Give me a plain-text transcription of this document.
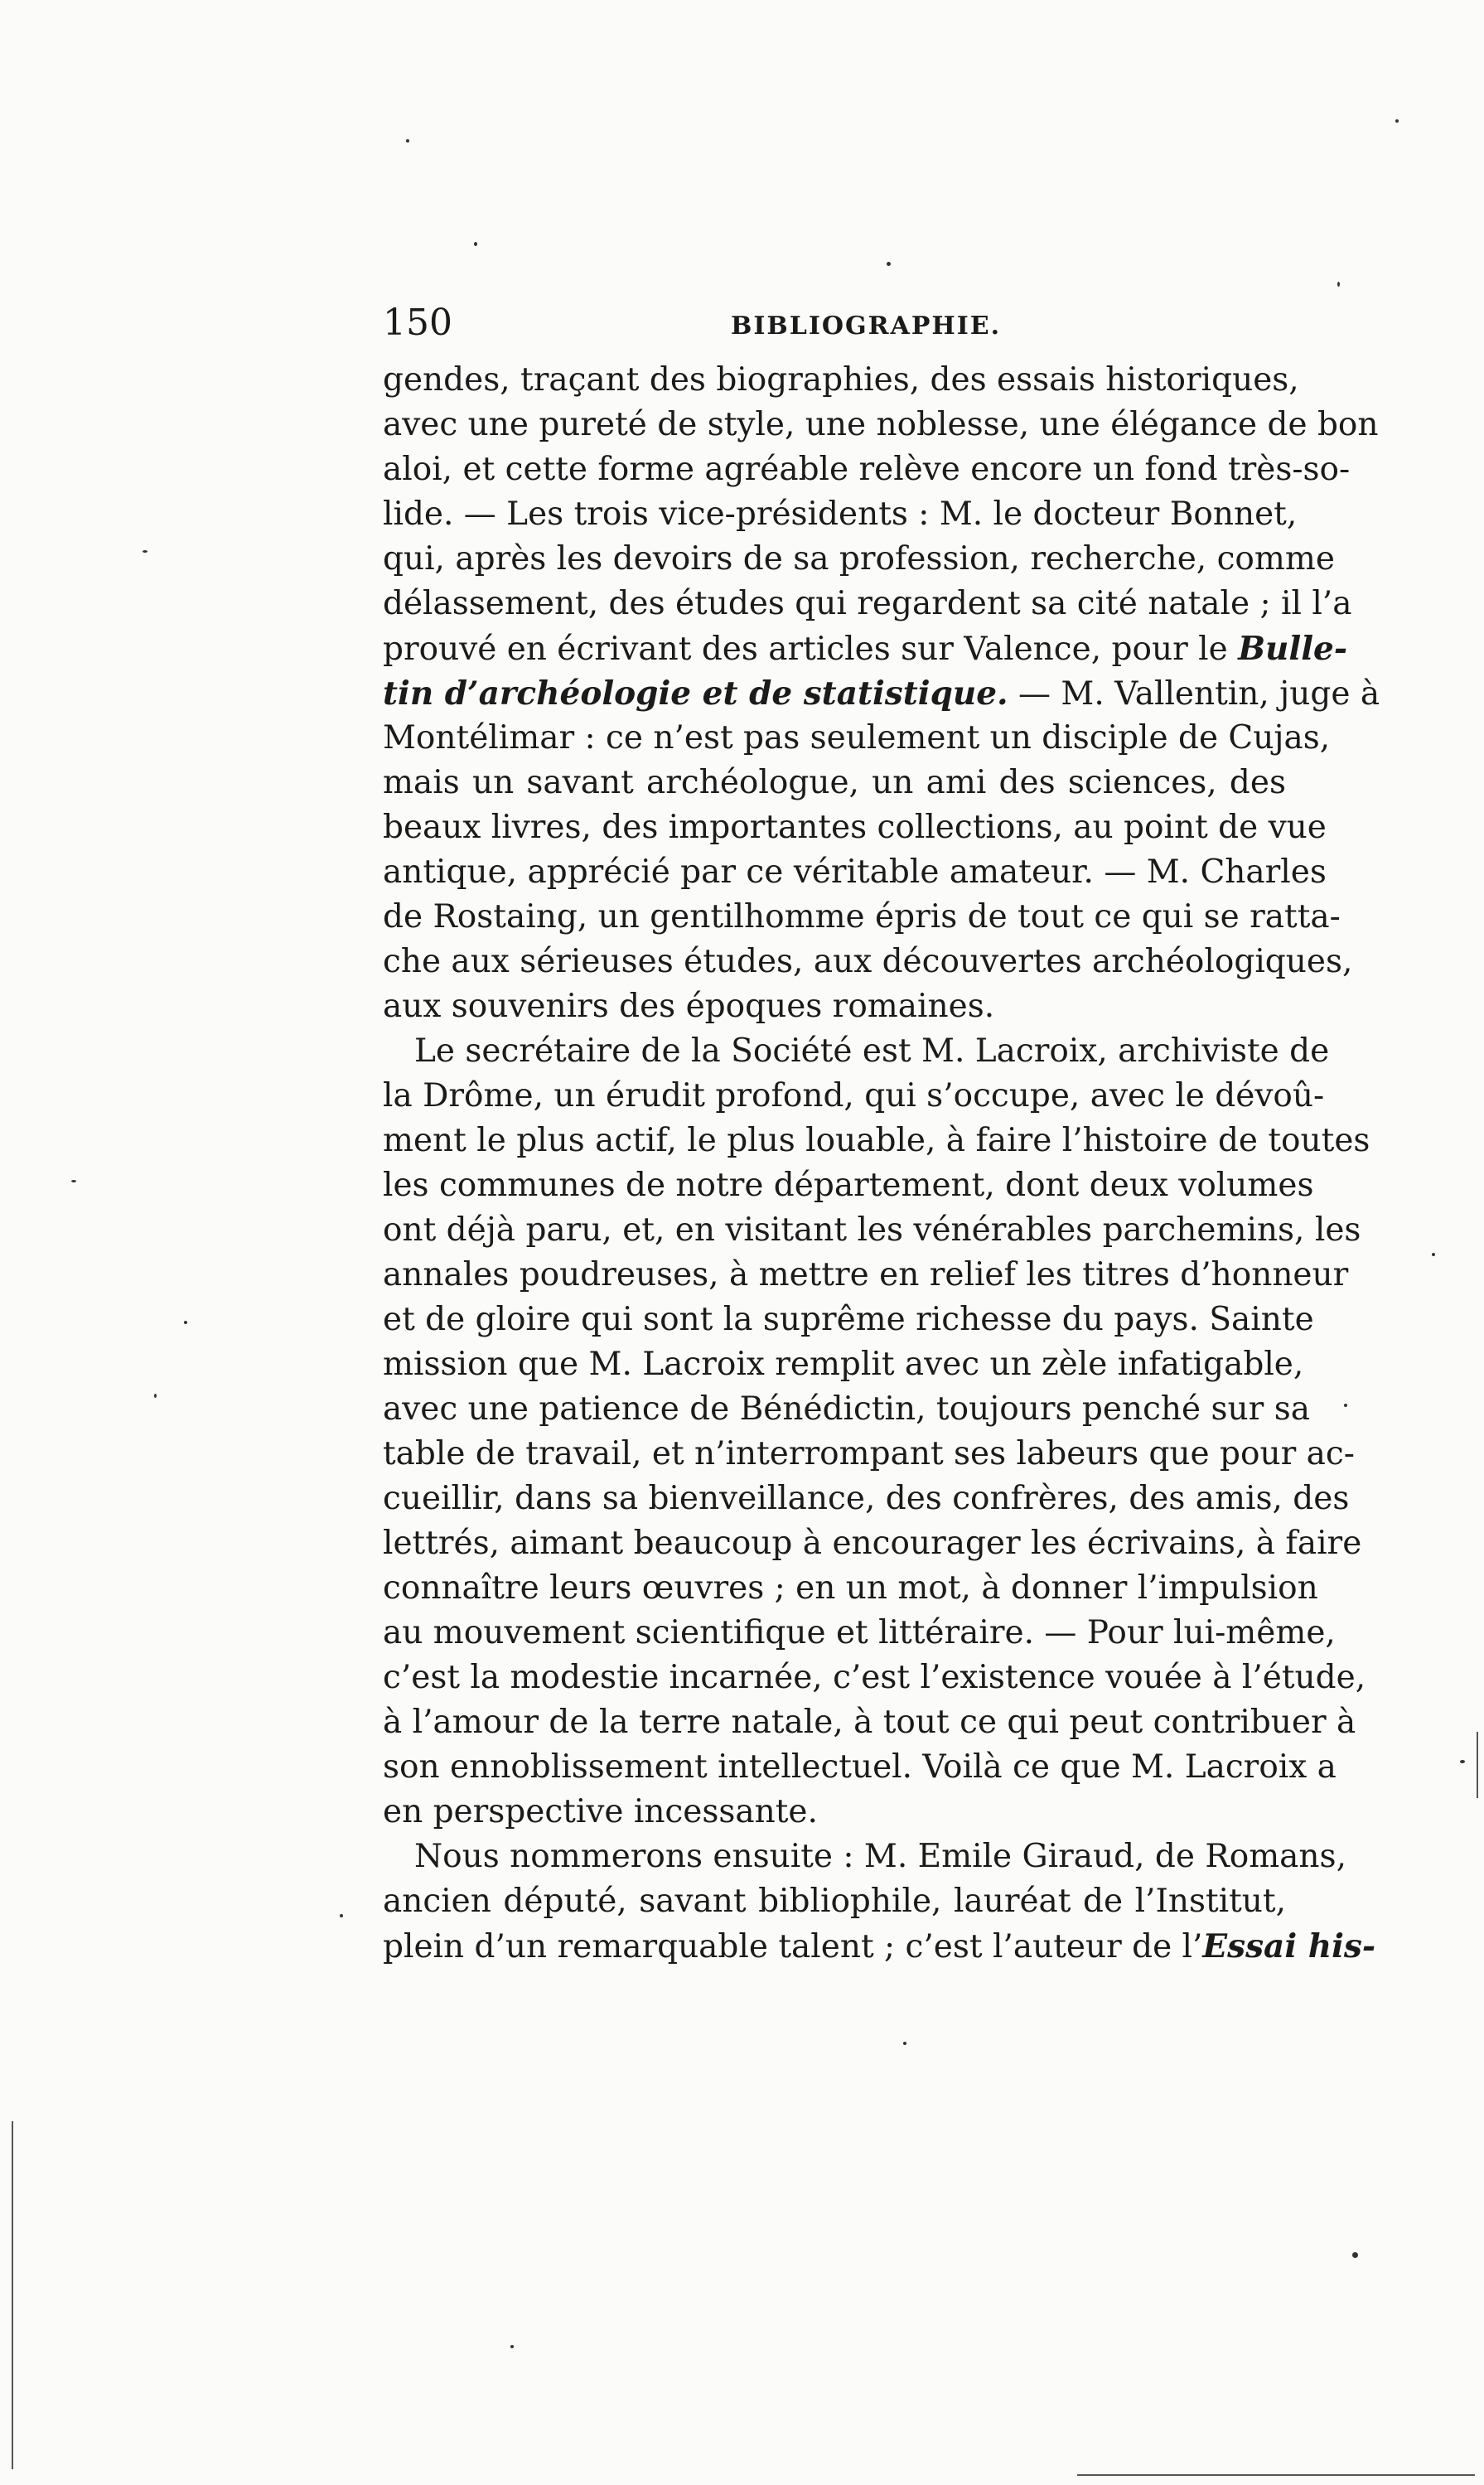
150	BIBLIOGRAPHIE.
gendes, traçant des biographies, des essais historiques,
avec une pureté de style, une noblesse, une élégance de bon
aloi, et cette forme agréable relève encore un fond très-so-
lide. — Les trois vice-présidents : M. le docteur Bonnet,
qui, après les devoirs de sa profession, recherche, comme
délassement, des études qui regardent sa cité natale ; il l’a
prouvé en écrivant des articles sur Valence, pour le Bulle-
tin d’archéologie et de statistique. — M. Vallentin, juge à
Montélimar : ce n’est pas seulement un disciple de Cujas,
mais un savant archéologue, un ami des sciences, des
beaux livres, des importantes collections, au point de vue
antique, apprécié par ce véritable amateur. — M. Charles
de Rostaing, un gentilhomme épris de tout ce qui se ratta-
che aux sérieuses études, aux découvertes archéologiques,
aux souvenirs des époques romaines.
Le secrétaire de la Société est M. Lacroix, archiviste de
la Drôme, un érudit profond, qui s’occupe, avec le dévoû-
ment le plus actif, le plus louable, à faire l’histoire de toutes
les communes de notre département, dont deux volumes
ont déjà paru, et, en visitant les vénérables parchemins, les
annales poudreuses, à mettre en relief les titres d’honneur
et de gloire qui sont la suprême richesse du pays. Sainte
mission que M. Lacroix remplit avec un zèle infatigable,
avec une patience de Bénédictin, toujours penché sur sa
table de travail, et n’interrompant ses labeurs que pour ac-
cueillir, dans sa bienveillance, des confrères, des amis, des
lettrés, aimant beaucoup à encourager les écrivains, à faire
connaître leurs œuvres ; en un mot, à donner l’impulsion
au mouvement scientifique et littéraire. — Pour lui-même,
c’est la modestie incarnée, c’est l’existence vouée à l’étude,
à l’amour de la terre natale, à tout ce qui peut contribuer à
son ennoblissement intellectuel. Voilà ce que M. Lacroix a
en perspective incessante.
Nous nommerons ensuite : M. Emile Giraud, de Romans,
ancien député, savant bibliophile, lauréat de l’Institut,
plein d’un remarquable talent ; c’est l’auteur de l’Essai his-
